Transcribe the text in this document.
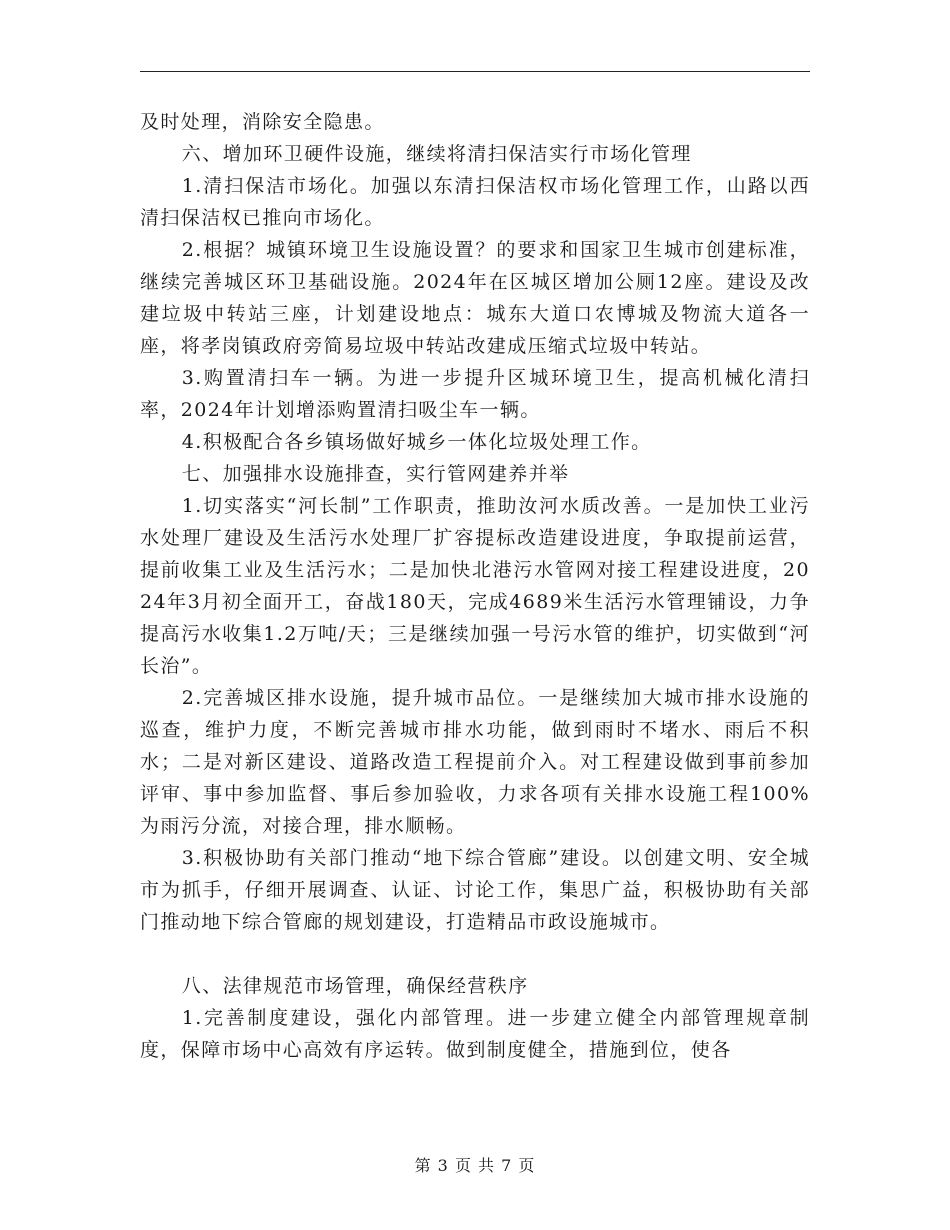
及时处理，消除安全隐患。

六、增加环卫硬件设施，继续将清扫保洁实行市场化管理

1.清扫保洁市场化。加强以东清扫保洁权市场化管理工作，山路以西清扫保洁权已推向市场化。

2.根据？城镇环境卫生设施设置？的要求和国家卫生城市创建标准，继续完善城区环卫基础设施。2024年在区城区增加公厕12座。建设及改建垃圾中转站三座，计划建设地点：城东大道口农博城及物流大道各一座，将孝岗镇政府旁简易垃圾中转站改建成压缩式垃圾中转站。

3.购置清扫车一辆。为进一步提升区城环境卫生，提高机械化清扫率，2024年计划增添购置清扫吸尘车一辆。

4.积极配合各乡镇场做好城乡一体化垃圾处理工作。

七、加强排水设施排查，实行管网建养并举

1.切实落实“河长制”工作职责，推助汝河水质改善。一是加快工业污水处理厂建设及生活污水处理厂扩容提标改造建设进度，争取提前运营，提前收集工业及生活污水；二是加快北港污水管网对接工程建设进度，2024年3月初全面开工，奋战180天，完成4689米生活污水管理铺设，力争提高污水收集1.2万吨/天；三是继续加强一号污水管的维护，切实做到“河长治”。

2.完善城区排水设施，提升城市品位。一是继续加大城市排水设施的巡查，维护力度，不断完善城市排水功能，做到雨时不堵水、雨后不积水；二是对新区建设、道路改造工程提前介入。对工程建设做到事前参加评审、事中参加监督、事后参加验收，力求各项有关排水设施工程100%为雨污分流，对接合理，排水顺畅。

3.积极协助有关部门推动“地下综合管廊”建设。以创建文明、安全城市为抓手，仔细开展调查、认证、讨论工作，集思广益，积极协助有关部门推动地下综合管廊的规划建设，打造精品市政设施城市。

八、法律规范市场管理，确保经营秩序

1.完善制度建设，强化内部管理。进一步建立健全内部管理规章制度，保障市场中心高效有序运转。做到制度健全，措施到位，使各

第 3 页 共 7 页
